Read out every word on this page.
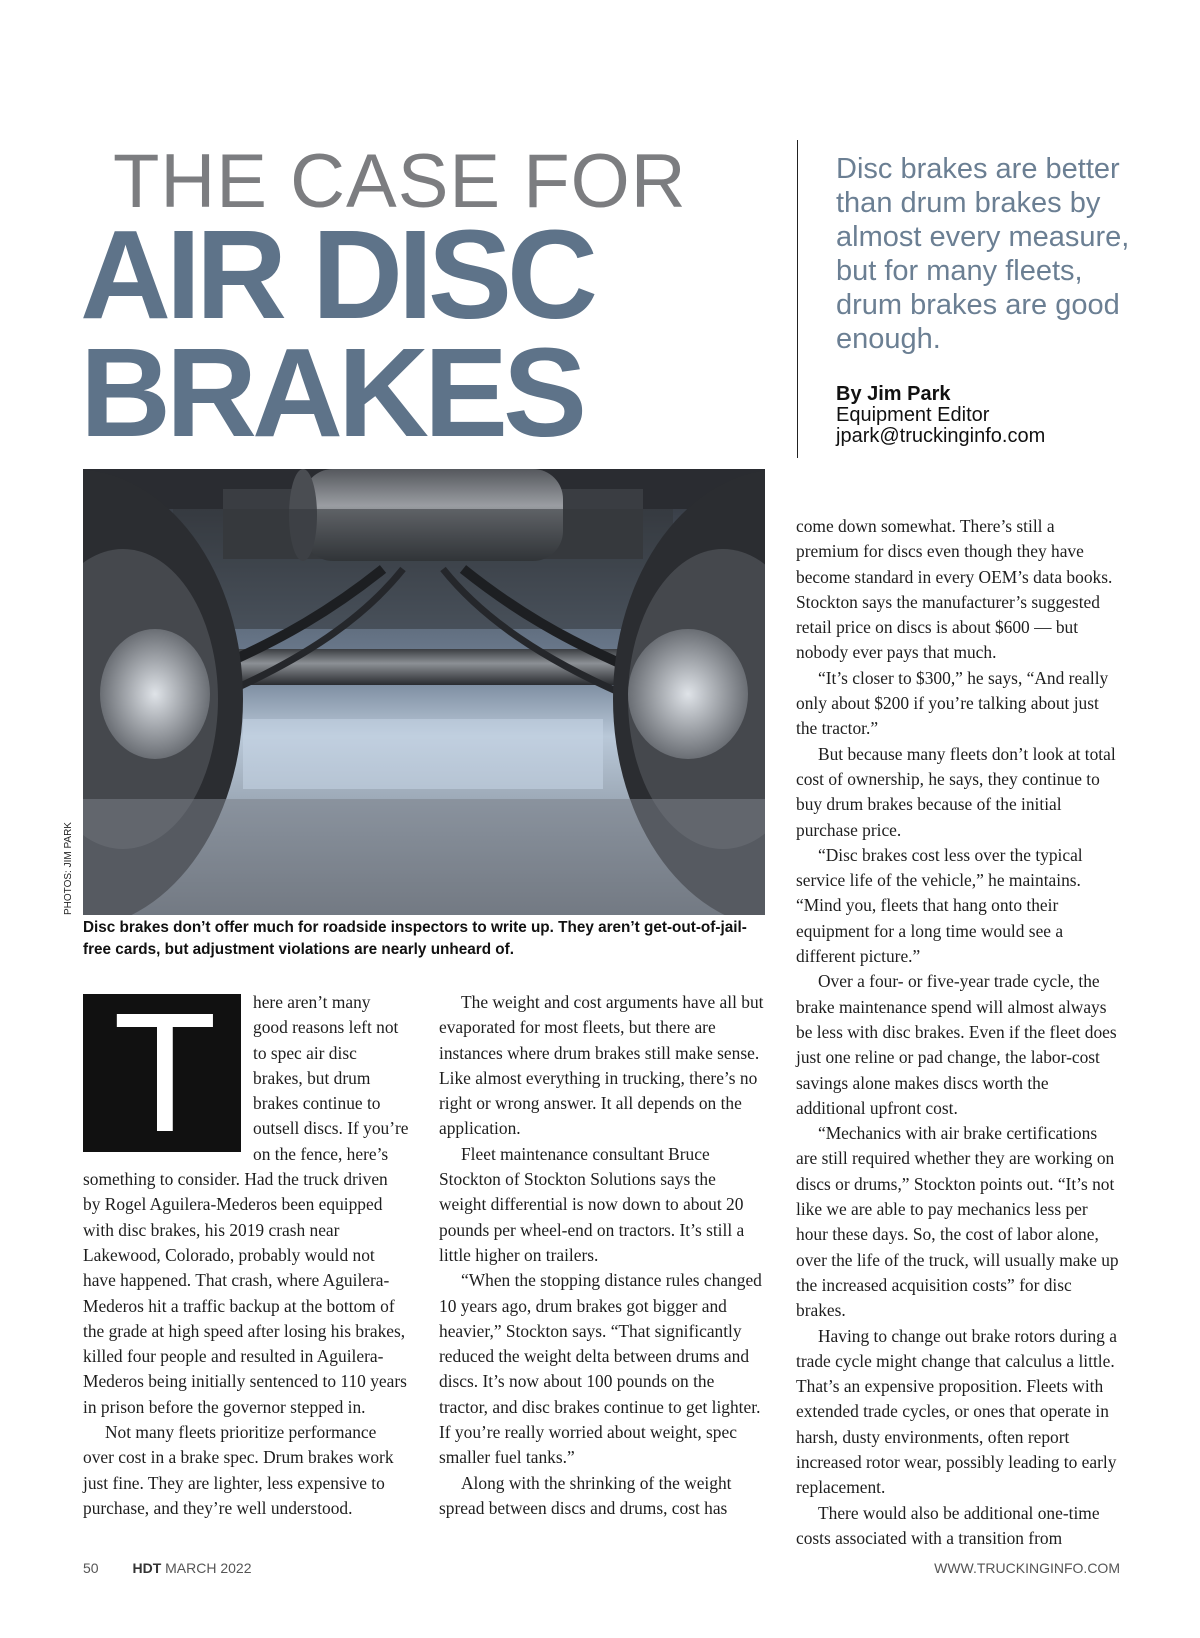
THE CASE FOR
AIR DISC
BRAKES
Disc brakes are better than drum brakes by almost every measure, but for many fleets, drum brakes are good enough.
By Jim Park
Equipment Editor
jpark@truckinginfo.com
PHOTOS: JIM PARK
Disc brakes don’t offer much for roadside inspectors to write up. They aren’t get-out-of-jail-free cards, but adjustment violations are nearly unheard of.
T	here aren’t many good reasons left not to spec air disc brakes, but drum brakes continue to outsell discs. If you’re on the fence, here’s something to consider. Had the truck driven by Rogel Aguilera-Mederos been equipped with disc brakes, his 2019 crash near Lakewood, Colorado, probably would not have happened. That crash, where Aguilera-Mederos hit a traffic backup at the bottom of the grade at high speed after losing his brakes, killed four people and resulted in Aguilera-Mederos being initially sentenced to 110 years in prison before the governor stepped in.

Not many fleets prioritize performance over cost in a brake spec. Drum brakes work just fine. They are lighter, less expensive to purchase, and they’re well understood.

The weight and cost arguments have all but evaporated for most fleets, but there are instances where drum brakes still make sense. Like almost everything in trucking, there’s no right or wrong answer. It all depends on the application.

Fleet maintenance consultant Bruce Stockton of Stockton Solutions says the weight differential is now down to about 20 pounds per wheel-end on tractors. It’s still a little higher on trailers.

“When the stopping distance rules changed 10 years ago, drum brakes got bigger and heavier,” Stockton says. “That significantly reduced the weight delta between drums and discs. It’s now about 100 pounds on the tractor, and disc brakes continue to get lighter. If you’re really worried about weight, spec smaller fuel tanks.”

Along with the shrinking of the weight spread between discs and drums, cost has

come down somewhat. There’s still a premium for discs even though they have become standard in every OEM’s data books. Stockton says the manufacturer’s suggested retail price on discs is about $600 — but nobody ever pays that much.

“It’s closer to $300,” he says, “And really only about $200 if you’re talking about just the tractor.”

But because many fleets don’t look at total cost of ownership, he says, they continue to buy drum brakes because of the initial purchase price.

“Disc brakes cost less over the typical service life of the vehicle,” he maintains. “Mind you, fleets that hang onto their equipment for a long time would see a different picture.”

Over a four- or five-year trade cycle, the brake maintenance spend will almost always be less with disc brakes. Even if the fleet does just one reline or pad change, the labor-cost savings alone makes discs worth the additional upfront cost.

“Mechanics with air brake certifications are still required whether they are working on discs or drums,” Stockton points out. “It’s not like we are able to pay mechanics less per hour these days. So, the cost of labor alone, over the life of the truck, will usually make up the increased acquisition costs” for disc brakes.

Having to change out brake rotors during a trade cycle might change that calculus a little. That’s an expensive proposition. Fleets with extended trade cycles, or ones that operate in harsh, dusty environments, often report increased rotor wear, possibly leading to early replacement.

There would also be additional one-time costs associated with a transition from

50 HDT MARCH 2022	WWW.TRUCKINGINFO.COM
